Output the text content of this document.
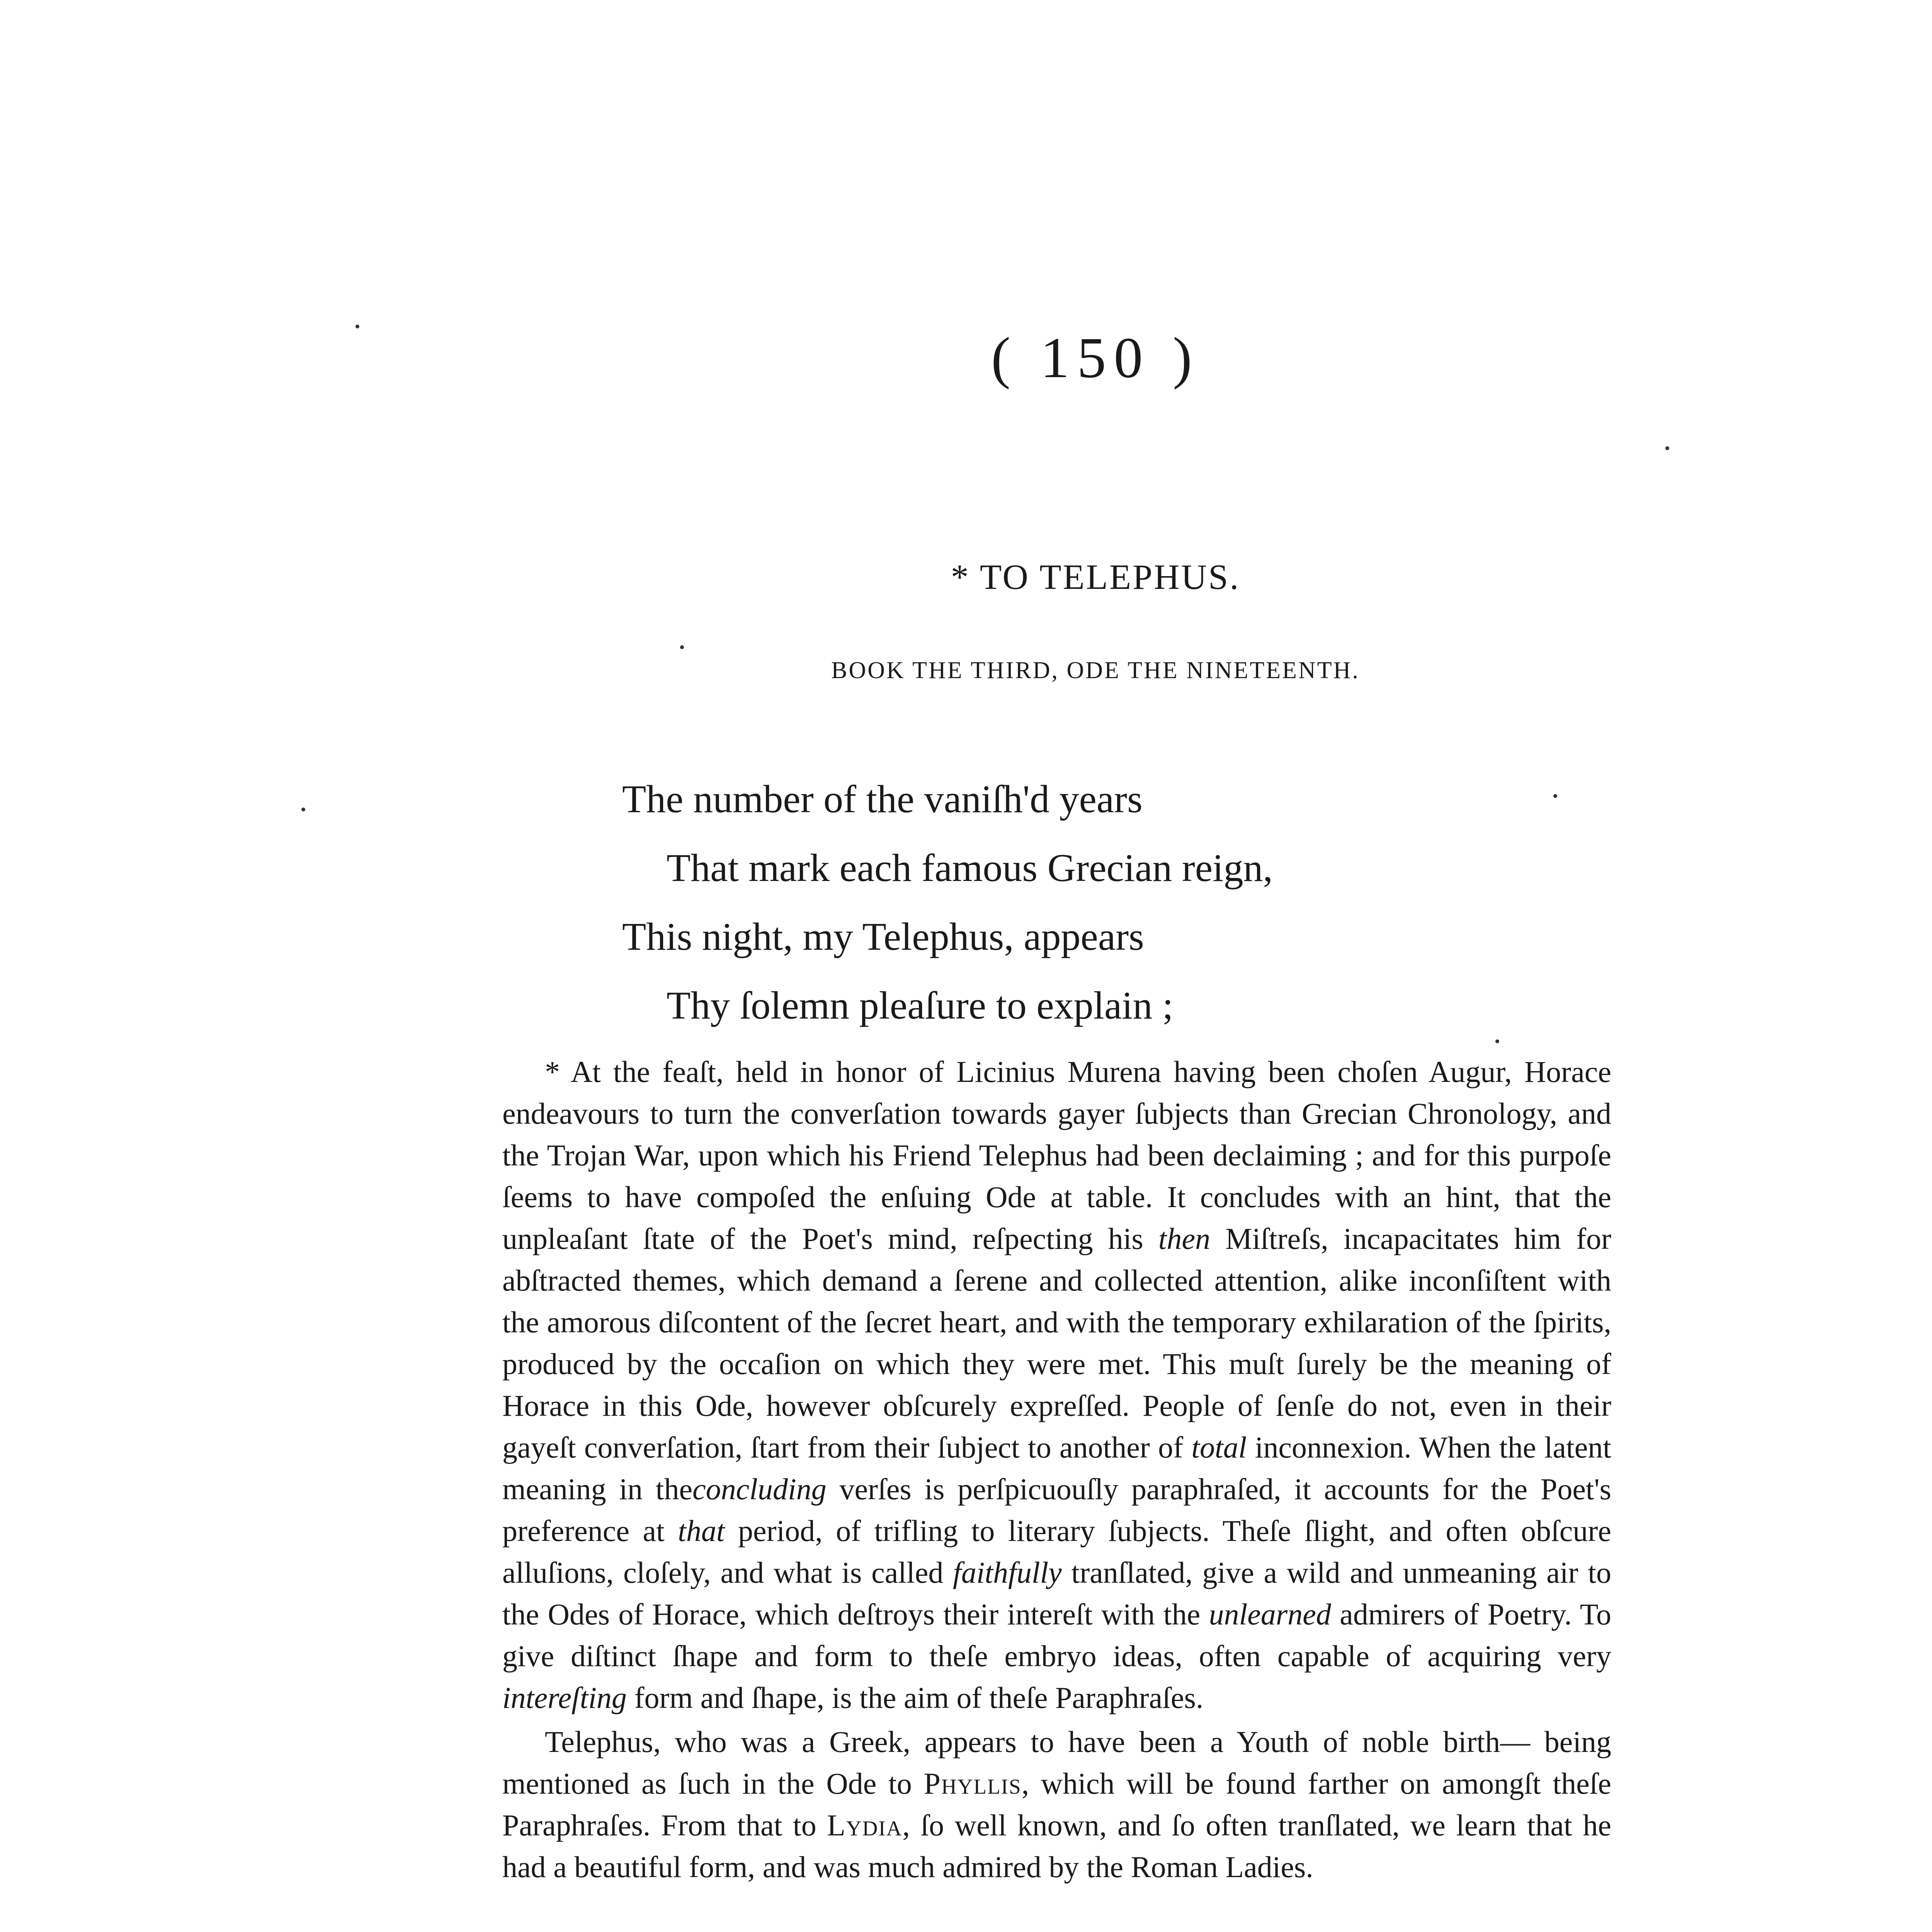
( 150 )
* TO TELEPHUS.
BOOK THE THIRD, ODE THE NINETEENTH.
The number of the vaniſh'd years
That mark each famous Grecian reign,
This night, my Telephus, appears
Thy ſolemn pleaſure to explain ;

* At the feaſt, held in honor of Licinius Murena having been choſen Augur, Horace endeavours to turn the converſation towards gayer ſubjects than Grecian Chronology, and the Trojan War, upon which his Friend Telephus had been declaiming ; and for this purpoſe ſeems to have compoſed the enſuing Ode at table. It concludes with an hint, that the unpleaſant ſtate of the Poet's mind, reſpecting his then Miſtreſs, incapacitates him for abſtracted themes, which demand a ſerene and collected attention, alike inconſiſtent with the amorous diſcontent of the ſecret heart, and with the temporary exhilaration of the ſpirits, produced by the occaſion on which they were met. This muſt ſurely be the meaning of Horace in this Ode, however obſcurely expreſſed. People of ſenſe do not, even in their gayeſt converſation, ſtart from their ſubject to another of total inconnexion. When the latent meaning in theconcluding verſes is perſpicuouſly paraphraſed, it accounts for the Poet's preference at that period, of trifling to literary ſubjects. Theſe ſlight, and often obſcure alluſions, cloſely, and what is called faithfully tranſlated, give a wild and unmeaning air to the Odes of Horace, which deſtroys their intereſt with the unlearned admirers of Poetry. To give diſtinct ſhape and form to theſe embryo ideas, often capable of acquiring very intereſting form and ſhape, is the aim of theſe Paraphraſes.

Telephus, who was a Greek, appears to have been a Youth of noble birth— being mentioned as ſuch in the Ode to Phyllis, which will be found farther on amongſt theſe Paraphraſes. From that to Lydia, ſo well known, and ſo often tranſlated, we learn that he had a beautiful form, and was much admired by the Roman Ladies.
